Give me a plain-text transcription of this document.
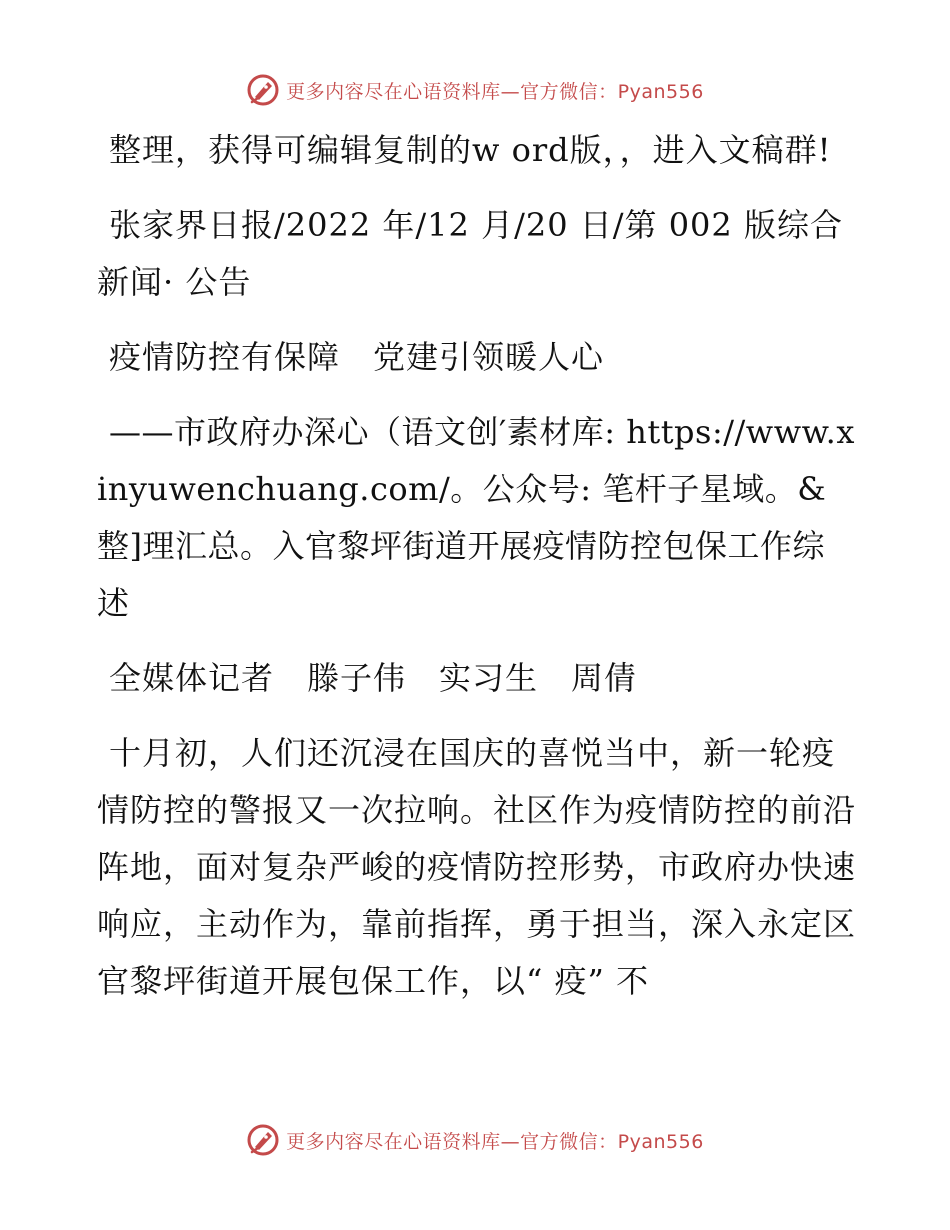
更多内容尽在心语资料库—官方微信：Pyan556

整理，获得可编辑复制的w ord版，，进入文稿群!

张家界日报/2022 年/12 月/20 日/第 002 版综合新闻· 公告

疫情防控有保障　党建引领暖人心

——市政府办深心（语文创′素材库: https://www.xinyuwenchuang.com/。公众号: 笔杆子星域。&整]理汇总。入官黎坪街道开展疫情防控包保工作综述

全媒体记者　滕子伟　实习生　周倩

十月初，人们还沉浸在国庆的喜悦当中，新一轮疫情防控的警报又一次拉响。社区作为疫情防控的前沿阵地，面对复杂严峻的疫情防控形势，市政府办快速响应，主动作为，靠前指挥，勇于担当，深入永定区官黎坪街道开展包保工作，以“ 疫” 不

更多内容尽在心语资料库—官方微信：Pyan556
